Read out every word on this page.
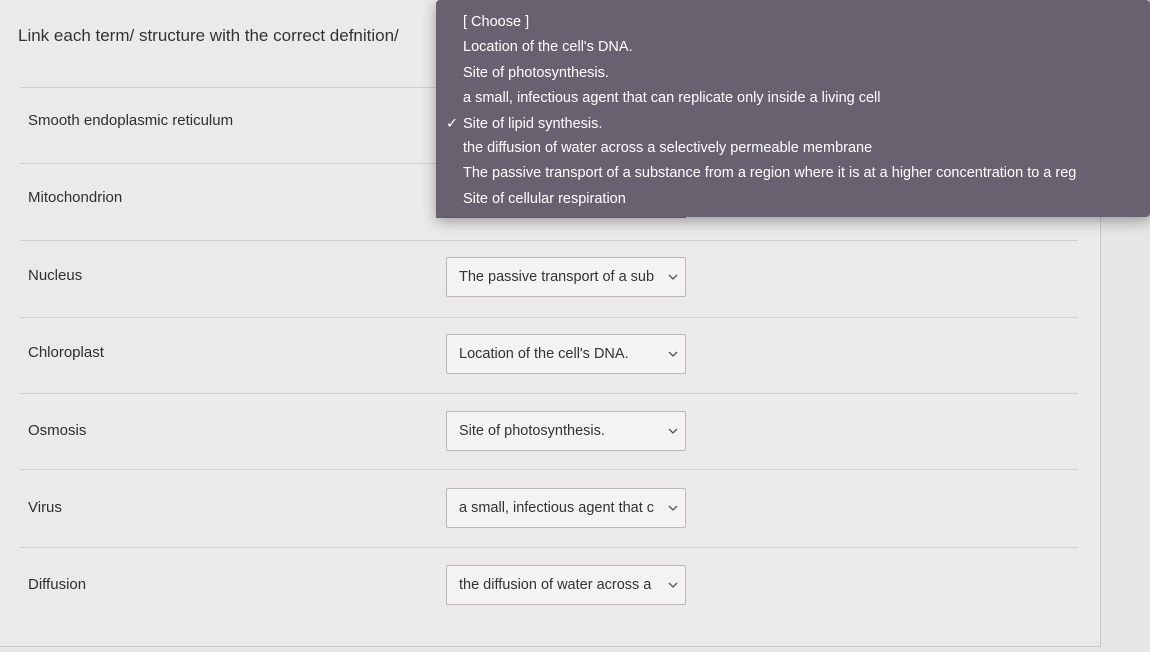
Link each term/ structure with the correct defnition/
Smooth endoplasmic reticulum
Mitochondrion
Nucleus	The passive transport of a sub
Chloroplast	Location of the cell's DNA.
Osmosis	Site of photosynthesis.
Virus	a small, infectious agent that c
Diffusion	the diffusion of water across a
[ Choose ]
Location of the cell's DNA.
Site of photosynthesis.
a small, infectious agent that can replicate only inside a living cell
✓ Site of lipid synthesis.
the diffusion of water across a selectively permeable membrane
The passive transport of a substance from a region where it is at a higher concentration to a reg
Site of cellular respiration
